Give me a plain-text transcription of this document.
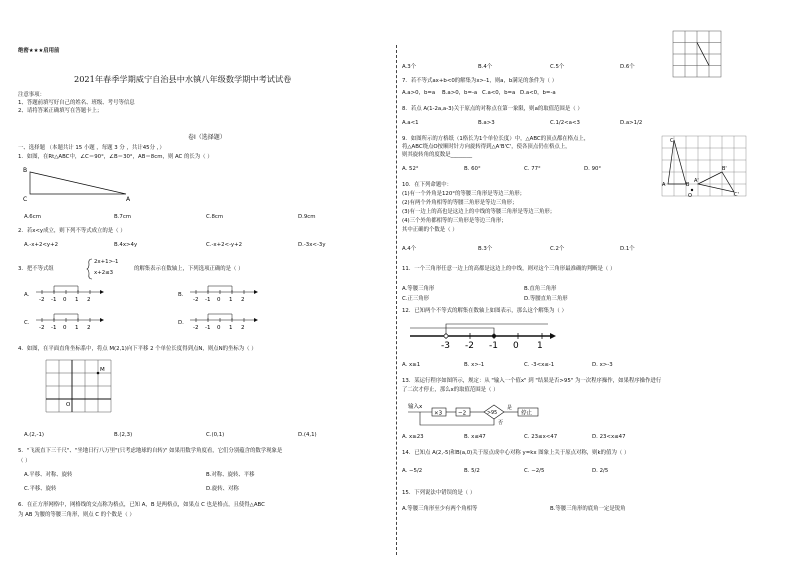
绝密★★★启用前
2021年春季学期威宁自治县中水镇八年级数学期中考试试卷
注意事项：
1、答题前填写好自己的姓名、班级、考号等信息
2、请将答案正确填写在答题卡上；
卷Ⅰ（选择题）
一、选择题 （本题共计 15 小题 ，每题 3 分 ，共计45分 ，）
1．如图，在Rt△ABC中，∠C＝90°，∠B＝30°，AB＝8cm，则 AC 的长为（ ）
B
C	A
A.6cm	B.7cm	C.8cm	D.9cm
2．若x<y成立，则下列不等式成立的是（ ）
A.-x+2<y+2	B.4x>4y	C.-x+2<-y+2	D.-3x<-3y
3．把不等式组
2x+1>-1
x+2≤3
的解集表示在数轴上，下列选项正确的是（ ）
A.	B.
C.	D.
-2 -1 0 1 2	-2 -1 0 1 2
-2 -1 0 1 2	-2 -1 0 1 2
4．如图，在平面直角坐标系中，将点 M(2,1)向下平移 2 个单位长度得到点N，则点N的坐标为（ ）
M
O
A.(2,-1)	B.(2,3)	C.(0,1)	D.(4,1)
5．"飞流直下三千尺"、"坐地日行八万里"(只考虑地球的自转)" 如果用数学角度看，它们分别蕴含的数学现象是
（ ）
A.平移、对称、旋转	B.对称、旋转、平移
C.平移、旋转	D.旋转、对称
6．在正方形网格中，网格线的交点称为格点，已知 A，B 是两格点，如果点 C 也是格点，且使得△ABC
为 AB 为腰的等腰三角形，则点 C 的个数是（ ）
A.3个	B.4个	C.5个	D.6个
7．若不等式ax+b<0的解集为x>-1，则a，b满足的条件为（ ）
A.a>0，b=a B.a>0，b=-a C.a<0，b=a D.a<0，b=-a
8．若点 A(1-2a,a-3)关于原点的对称点在第一象限，则a的取值范围是（ ）
A.a<1	B.a>3	C.1/2<a<3	D.a>1/2
9．如图所示的方格纸（1格长为1个单位长度）中，△ABC的顶点都在格点上，
将△ABC绕点O按顺时针方向旋转得到△A'B'C'，使各顶点仍在格点上，
则其旋转角的度数是________
A. 52°	B. 60°	C. 77°	D. 90°
C
A	B
O
A'
B'
C'
10．在下列命题中：
(1)有一个外角是120°的等腰三角形是等边三角形；
(2)有两个外角相等的等腰三角形是等边三角形；
(3)有一边上的高也是这边上的中线的等腰三角形是等边三角形；
(4)三个外角都相等的三角形是等边三角形；
其中正确的个数是（ ）
A.4个	B.3个	C.2个	D.1个
11．一个三角形任意一边上的高都是这边上的中线，则对这个三角形最准确的判断是（ ）
A.等腰三角形	B.直角三角形
C.正三角形	D.等腰直角三角形
12．已知两个不等式的解集在数轴上如图表示，那么这个解集为（ ）
-3 -2 -1 0 1
A. x≥1	B. x>-1	C. -3<x≤-1	D. x>-3
13．某运行程序如图所示，规定：从 "输入一个值x" 到 "结果是否>95" 为一次程序操作，如果程序操作进行
了二次才停止，那么x的取值范围是（ ）
输入x
×3	−2	>95
是
否
停止
A. x≥23	B. x≤47	C. 23≤x<47	D. 23<x≤47
14．已知点 A(2,-5)和B(a,0)关于原点成中心对称 y=kx 图象上关于原点对称，则k的值为（ ）
A. −5/2	B. 5/2	C. −2/5	D. 2/5
15．下列说法中错误的是（ ）
A.等腰三角形至少有两个角相等	B.等腰三角形的底角一定是锐角
